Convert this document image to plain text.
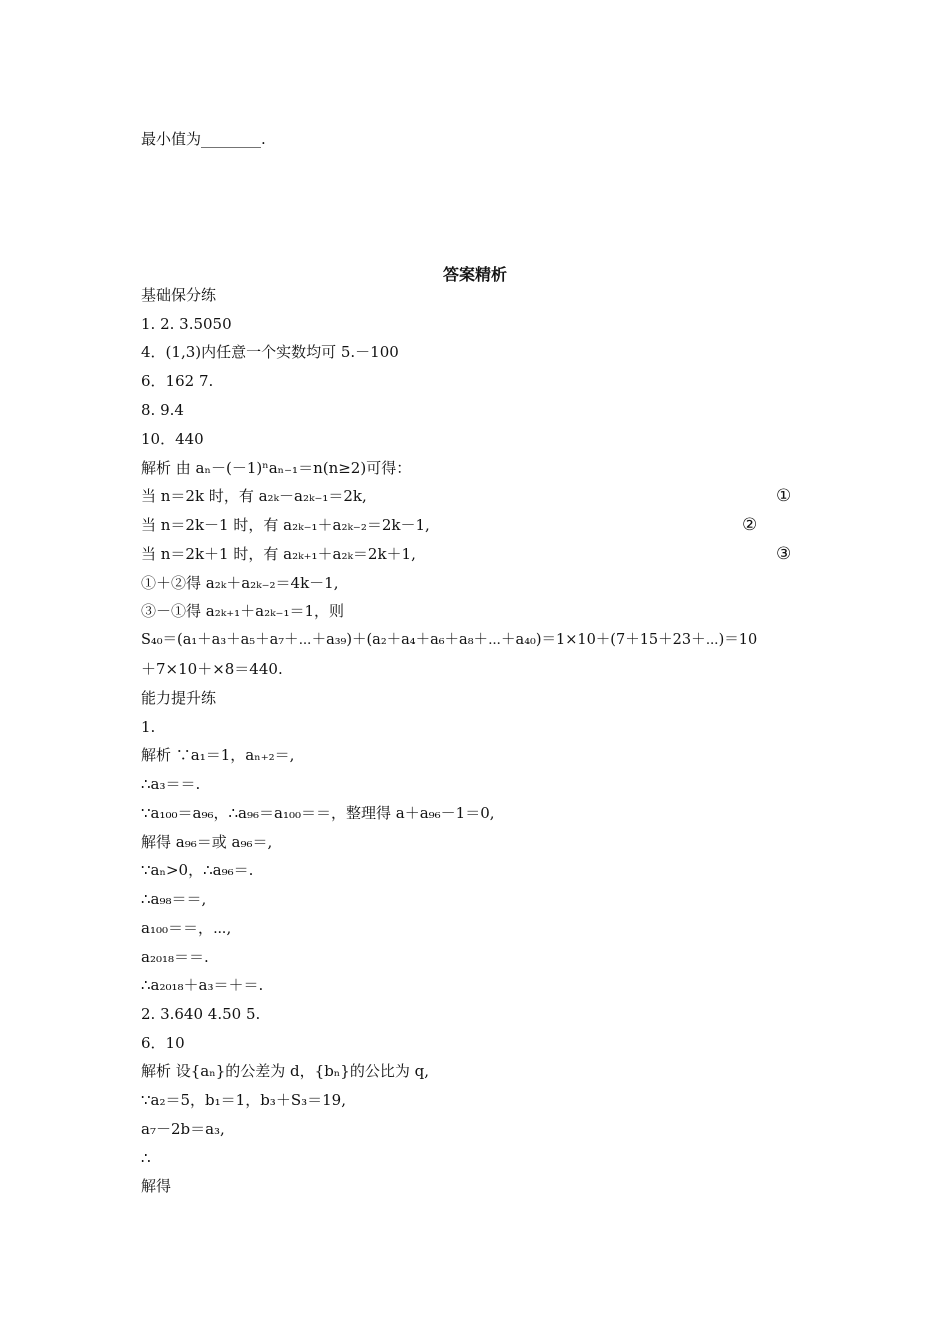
最小值为________.
答案精析
基础保分练
1. 2. 3.5050
4．(1,3)内任意一个实数均可 5.－100
6．162 7.
8. 9.4
10．440
解析 由 aₙ－(－1)ⁿaₙ₋₁＝n(n≥2)可得：
当 n＝2k 时，有 a₂ₖ－a₂ₖ₋₁＝2k,	①
当 n＝2k－1 时，有 a₂ₖ₋₁＋a₂ₖ₋₂＝2k－1,	②
当 n＝2k＋1 时，有 a₂ₖ₊₁＋a₂ₖ＝2k＋1,	③
①＋②得 a₂ₖ＋a₂ₖ₋₂＝4k－1,
③－①得 a₂ₖ₊₁＋a₂ₖ₋₁＝1，则
S₄₀＝(a₁＋a₃＋a₅＋a₇＋⋯＋a₃₉)＋(a₂＋a₄＋a₆＋a₈＋⋯＋a₄₀)＝1×10＋(7＋15＋23＋⋯)＝10
＋7×10＋×8＝440.
能力提升练
1.
解析 ∵a₁＝1，aₙ₊₂＝,
∴a₃＝＝.
∵a₁₀₀＝a₉₆，∴a₉₆＝a₁₀₀＝＝，整理得 a＋a₉₆－1＝0,
解得 a₉₆＝或 a₉₆＝,
∵aₙ>0，∴a₉₆＝.
∴a₉₈＝＝,
a₁₀₀＝＝，⋯,
a₂₀₁₈＝＝.
∴a₂₀₁₈＋a₃＝＋＝.
2. 3.640 4.50 5.
6．10
解析 设{aₙ}的公差为 d，{bₙ}的公比为 q,
∵a₂＝5，b₁＝1，b₃＋S₃＝19,
a₇－2b＝a₃,
∴
解得
